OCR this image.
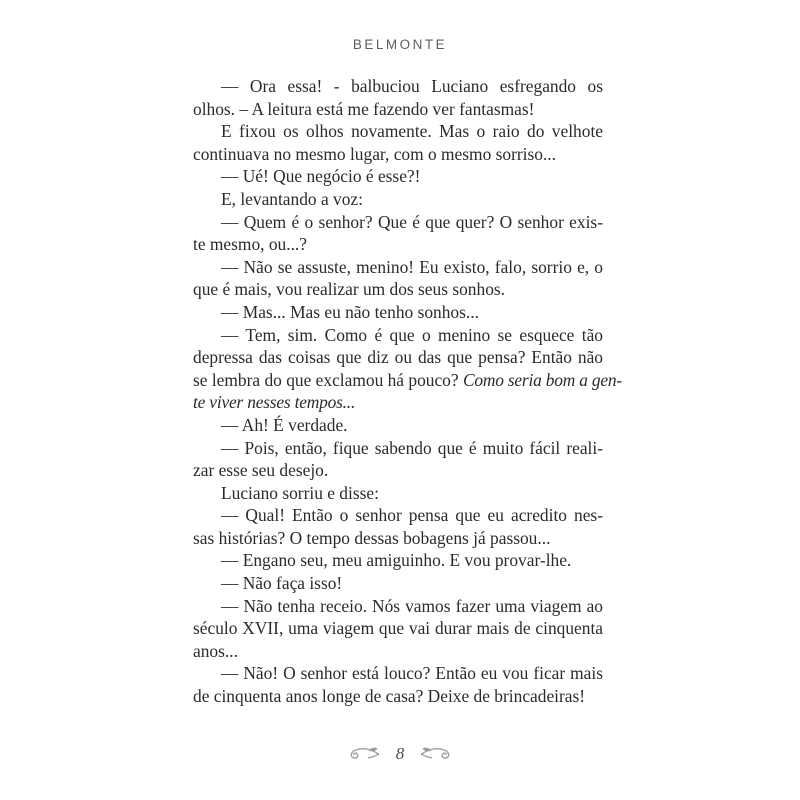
BELMONTE
— Ora essa! - balbuciou Luciano esfregando os
olhos. – A leitura está me fazendo ver fantasmas!
E fixou os olhos novamente. Mas o raio do velhote
continuava no mesmo lugar, com o mesmo sorriso...
— Ué! Que negócio é esse?!
E, levantando a voz:
— Quem é o senhor? Que é que quer? O senhor exis-
te mesmo, ou...?
— Não se assuste, menino! Eu existo, falo, sorrio e, o
que é mais, vou realizar um dos seus sonhos.
— Mas... Mas eu não tenho sonhos...
— Tem, sim. Como é que o menino se esquece tão
depressa das coisas que diz ou das que pensa? Então não
se lembra do que exclamou há pouco? Como seria bom a gen-
te viver nesses tempos...
— Ah! É verdade.
— Pois, então, fique sabendo que é muito fácil reali-
zar esse seu desejo.
Luciano sorriu e disse:
— Qual! Então o senhor pensa que eu acredito nes-
sas histórias? O tempo dessas bobagens já passou...
— Engano seu, meu amiguinho. E vou provar-lhe.
— Não faça isso!
— Não tenha receio. Nós vamos fazer uma viagem ao
século XVII, uma viagem que vai durar mais de cinquenta
anos...
— Não! O senhor está louco? Então eu vou ficar mais
de cinquenta anos longe de casa? Deixe de brincadeiras!
8
